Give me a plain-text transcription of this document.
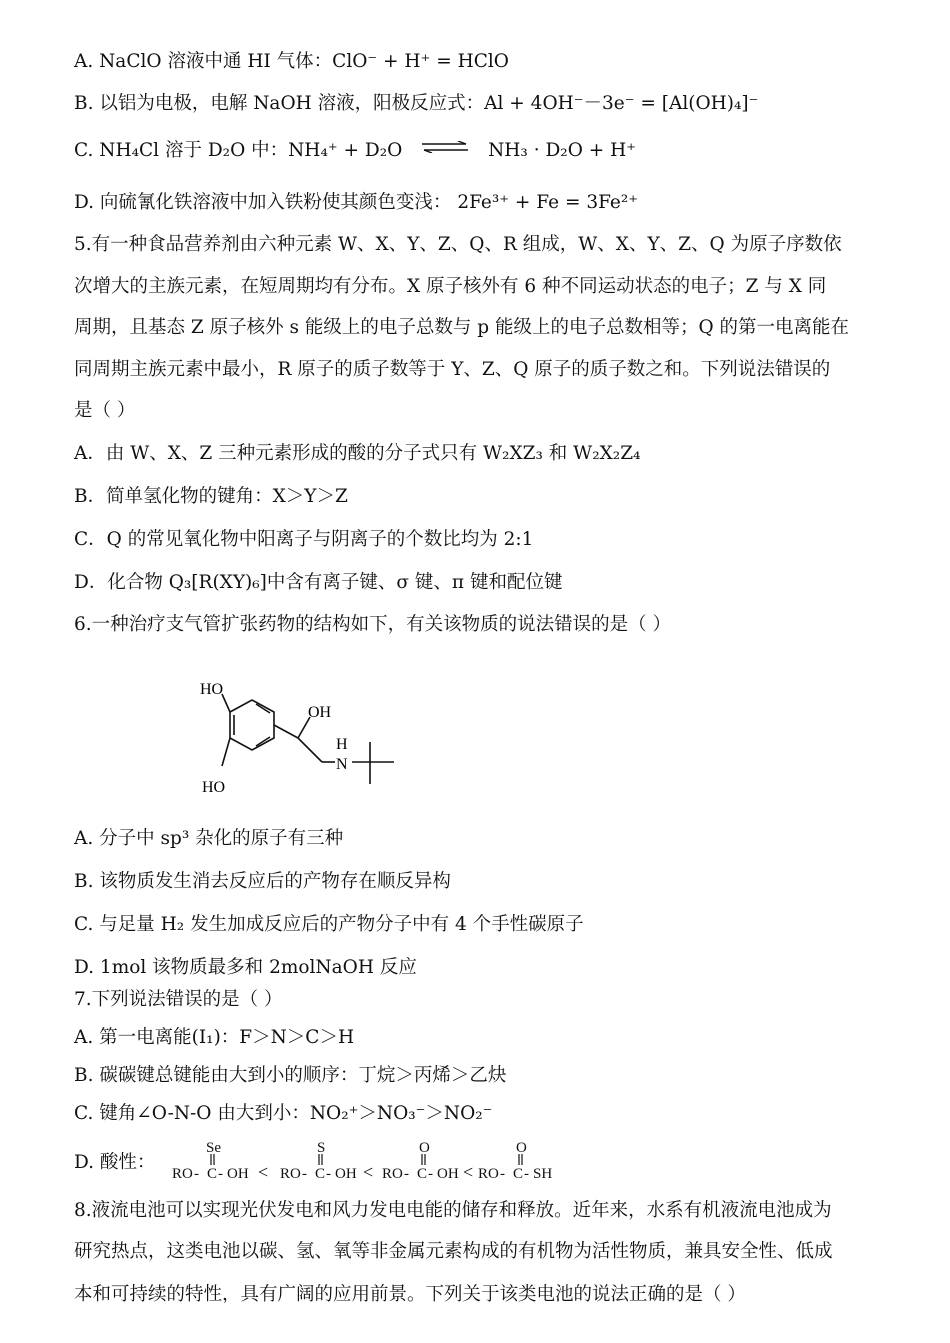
A. NaClO 溶液中通 HI 气体：ClO⁻ + H⁺ = HClO
B. 以铝为电极，电解 NaOH 溶液，阳极反应式：Al + 4OH⁻－3e⁻ = [Al(OH)₄]⁻
C. NH₄Cl 溶于 D₂O 中：NH₄⁺ + D₂O ⇌ NH₃ · D₂O + H⁺
D. 向硫氰化铁溶液中加入铁粉使其颜色变浅： 2Fe³⁺ + Fe = 3Fe²⁺
5.有一种食品营养剂由六种元素 W、X、Y、Z、Q、R 组成，W、X、Y、Z、Q 为原子序数依
次增大的主族元素，在短周期均有分布。X 原子核外有 6 种不同运动状态的电子；Z 与 X 同
周期，且基态 Z 原子核外 s 能级上的电子总数与 p 能级上的电子总数相等；Q 的第一电离能在
同周期主族元素中最小，R 原子的质子数等于 Y、Z、Q 原子的质子数之和。下列说法错误的
是（ ）
A．由 W、X、Z 三种元素形成的酸的分子式只有 W₂XZ₃ 和 W₂X₂Z₄
B．简单氢化物的键角：X＞Y＞Z
C．Q 的常见氧化物中阳离子与阴离子的个数比均为 2:1
D．化合物 Q₃[R(XY)₆]中含有离子键、σ 键、π 键和配位键
6.一种治疗支气管扩张药物的结构如下，有关该物质的说法错误的是（ ）
HO
HO
OH
H
N
A. 分子中 sp³ 杂化的原子有三种
B. 该物质发生消去反应后的产物存在顺反异构
C. 与足量 H₂ 发生加成反应后的产物分子中有 4 个手性碳原子
D. 1mol 该物质最多和 2molNaOH 反应
7.下列说法错误的是（ ）
A. 第一电离能(I₁)：F＞N＞C＞H
B. 碳碳键总键能由大到小的顺序：丁烷＞丙烯＞乙炔
C. 键角∠O-N-O 由大到小：NO₂⁺＞NO₃⁻＞NO₂⁻
D. 酸性：
Se
RO - C - OH <
S
RO - C - OH <
O
RO - C - OH <
O
RO - C - SH
8.液流电池可以实现光伏发电和风力发电电能的储存和释放。近年来，水系有机液流电池成为
研究热点，这类电池以碳、氢、氧等非金属元素构成的有机物为活性物质，兼具安全性、低成
本和可持续的特性，具有广阔的应用前景。下列关于该类电池的说法正确的是（ ）
